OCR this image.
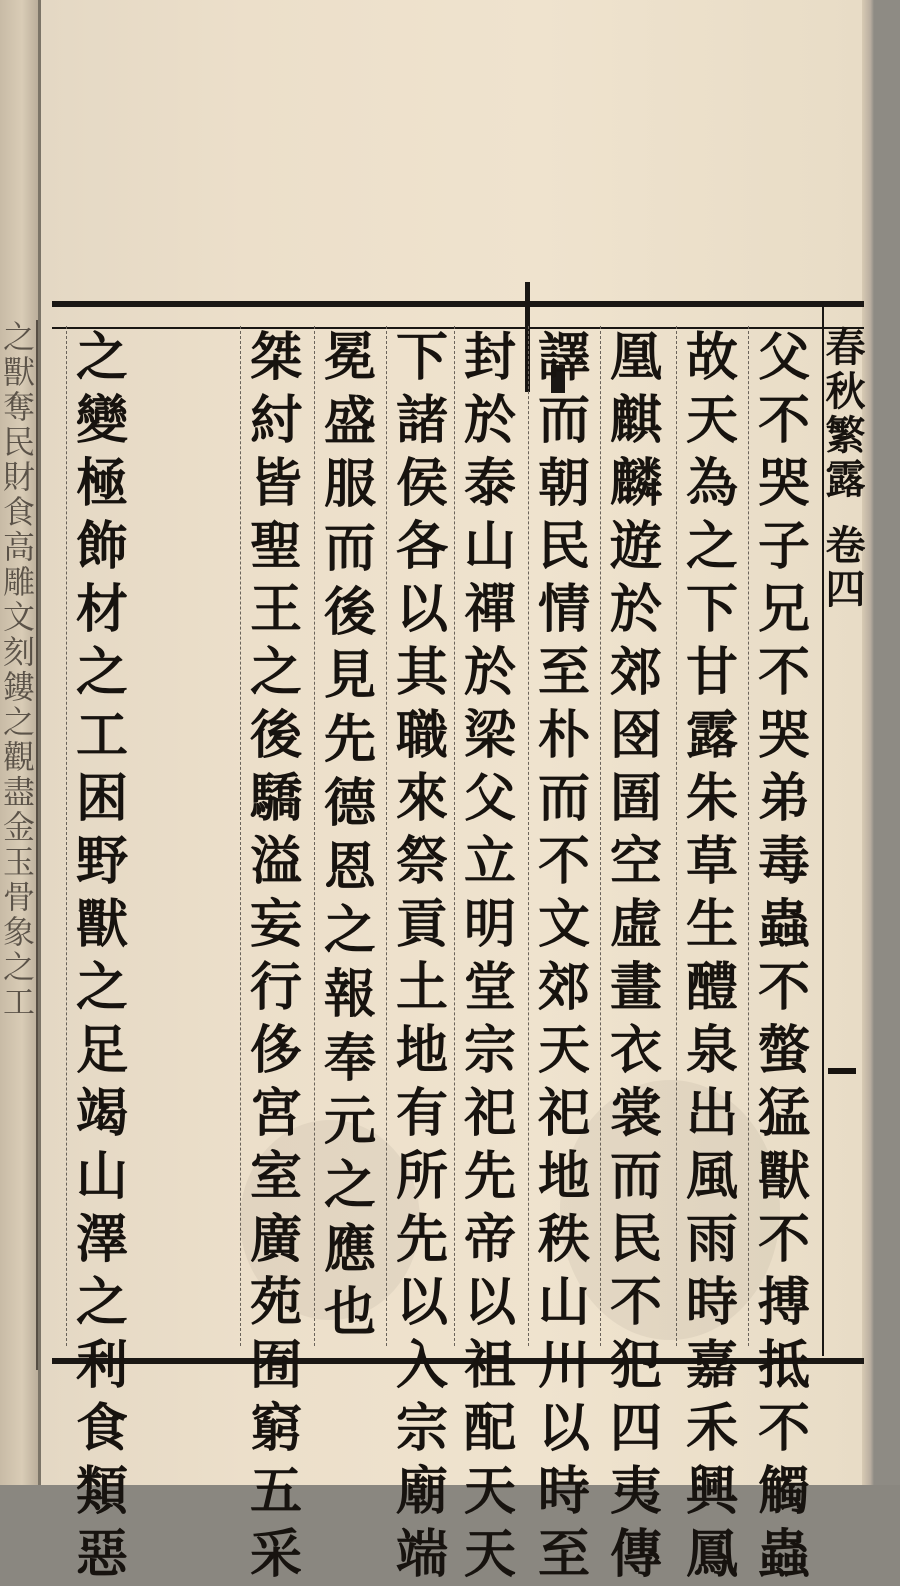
之
獸
奪
民
財
食
高
雕
文
刻
鏤
之
觀
盡
金
玉
骨
象
之
工
春秋繁露
卷四
父
不
哭
子
兄
不
哭
弟
毒
蟲
不
螫
猛
獸
不
搏
抵
不
觸
蟲
故
天
為
之
下
甘
露
朱
草
生
醴
泉
出
風
雨
時
嘉
禾
興
鳳
凰
麒
麟
遊
於
郊
囹
圄
空
虛
畫
衣
裳
而
民
不
犯
四
夷
傳
譯
而
朝
民
情
至
朴
而
不
文
郊
天
祀
地
秩
山
川
以
時
至
封
於
泰
山
禪
於
梁
父
立
明
堂
宗
祀
先
帝
以
祖
配
天
天
下
諸
侯
各
以
其
職
來
祭
貢
土
地
有
所
先
以
入
宗
廟
端
冕
盛
服
而
後
見
先
德
恩
之
報
奉
元
之
應
也
桀
紂
皆
聖
王
之
後
驕
溢
妄
行
侈
宮
室
廣
苑
囿
窮
五
采
之
變
極
飾
材
之
工
困
野
獸
之
足
竭
山
澤
之
利
食
類
惡
